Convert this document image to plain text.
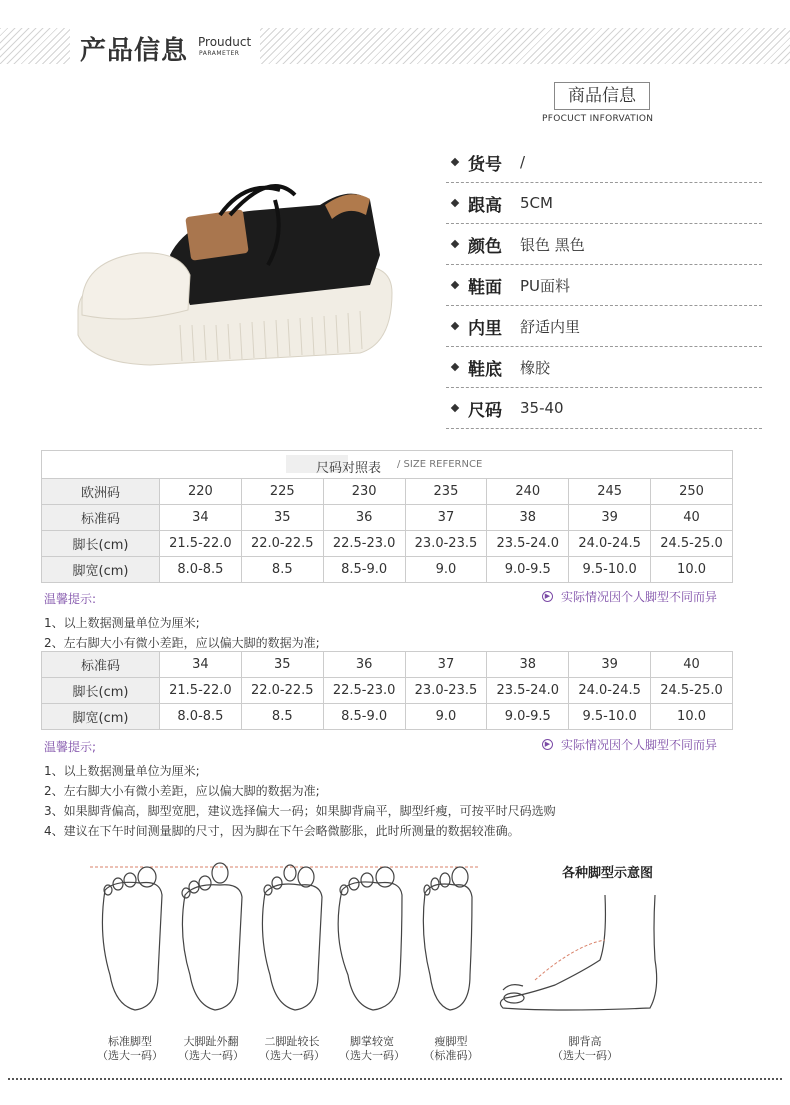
产品信息 Prouduct
PARAMETER
商品信息
PFOCUCT INFORVATION
货号	/
跟高	5CM
颜色	银色 黑色
鞋面	PU面料
内里	舒适内里
鞋底	橡胶
尺码	35-40
尺码对照表 / SIZE REFERNCE
欧洲码	220	225	230	235	240	245	250
标准码	34	35	36	37	38	39	40
脚长(cm)	21.5-22.0	22.0-22.5	22.5-23.0	23.0-23.5	23.5-24.0	24.0-24.5	24.5-25.0
脚宽(cm)	8.0-8.5	8.5	8.5-9.0	9.0	9.0-9.5	9.5-10.0	10.0
温馨提示:	▶ 实际情况因个人脚型不同而异
1、以上数据测量单位为厘米;
2、左右脚大小有微小差距，应以偏大脚的数据为准;
标准码	34	35	36	37	38	39	40
脚长(cm)	21.5-22.0	22.0-22.5	22.5-23.0	23.0-23.5	23.5-24.0	24.0-24.5	24.5-25.0
脚宽(cm)	8.0-8.5	8.5	8.5-9.0	9.0	9.0-9.5	9.5-10.0	10.0
温馨提示;	▶ 实际情况因个人脚型不同而异
1、以上数据测量单位为厘米;
2、左右脚大小有微小差距，应以偏大脚的数据为准;
3、如果脚背偏高，脚型宽肥，建议选择偏大一码；如果脚背扁平，脚型纤瘦，可按平时尺码选购
4、建议在下午时间测量脚的尺寸，因为脚在下午会略微膨胀，此时所测量的数据较准确。
标准脚型
（选大一码）
大脚趾外翻
（选大一码）
二脚趾较长
（选大一码）
脚掌较宽
（选大一码）
瘦脚型
（标准码）
各种脚型示意图
脚背高
（选大一码）
